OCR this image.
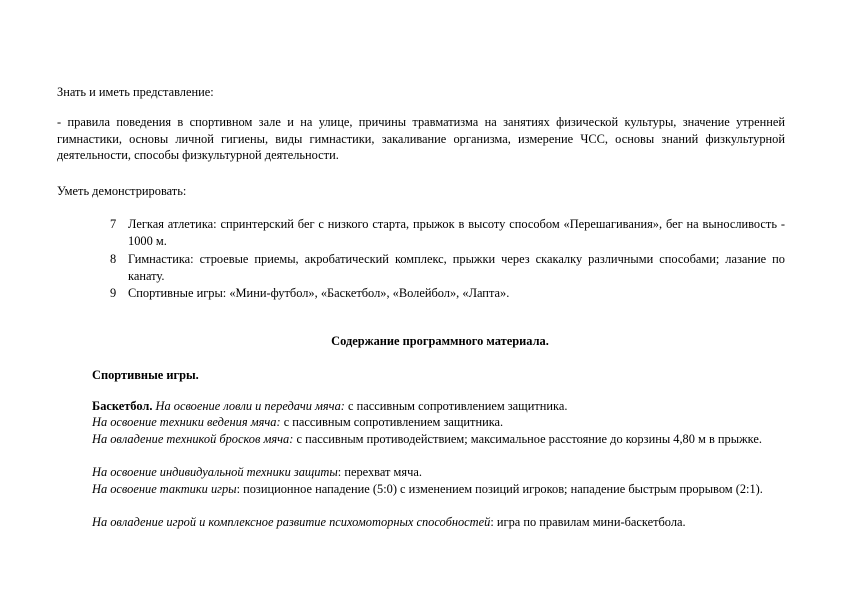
Знать и иметь представление:

- правила поведения в спортивном зале и на улице, причины травматизма на занятиях физической культуры, значение утренней гимнастики, основы личной гигиены, виды гимнастики, закаливание организма, измерение ЧСС, основы знаний физкультурной деятельности, способы физкультурной деятельности.

Уметь демонстрировать:

7 Легкая атлетика: спринтерский бег с низкого старта, прыжок в высоту способом «Перешагивания», бег на выносливость - 1000 м.
8 Гимнастика: строевые приемы, акробатический комплекс, прыжки через скакалку различными способами; лазание по канату.
9 Спортивные игры: «Мини-футбол», «Баскетбол», «Волейбол», «Лапта».

Содержание программного материала.

Спортивные игры.

Баскетбол. На освоение ловли и передачи мяча: с пассивным сопротивлением защитника.

На освоение техники ведения мяча: с пассивным сопротивлением защитника.

На овладение техникой бросков мяча: с пассивным противодействием; максимальное расстояние до корзины 4,80 м в прыжке.

На освоение индивидуальной техники защиты: перехват мяча.

На освоение тактики игры: позиционное нападение (5:0) с изменением позиций игроков; нападение быстрым прорывом (2:1).

На овладение игрой и комплексное развитие психомоторных способностей: игра по правилам мини-баскетбола.
